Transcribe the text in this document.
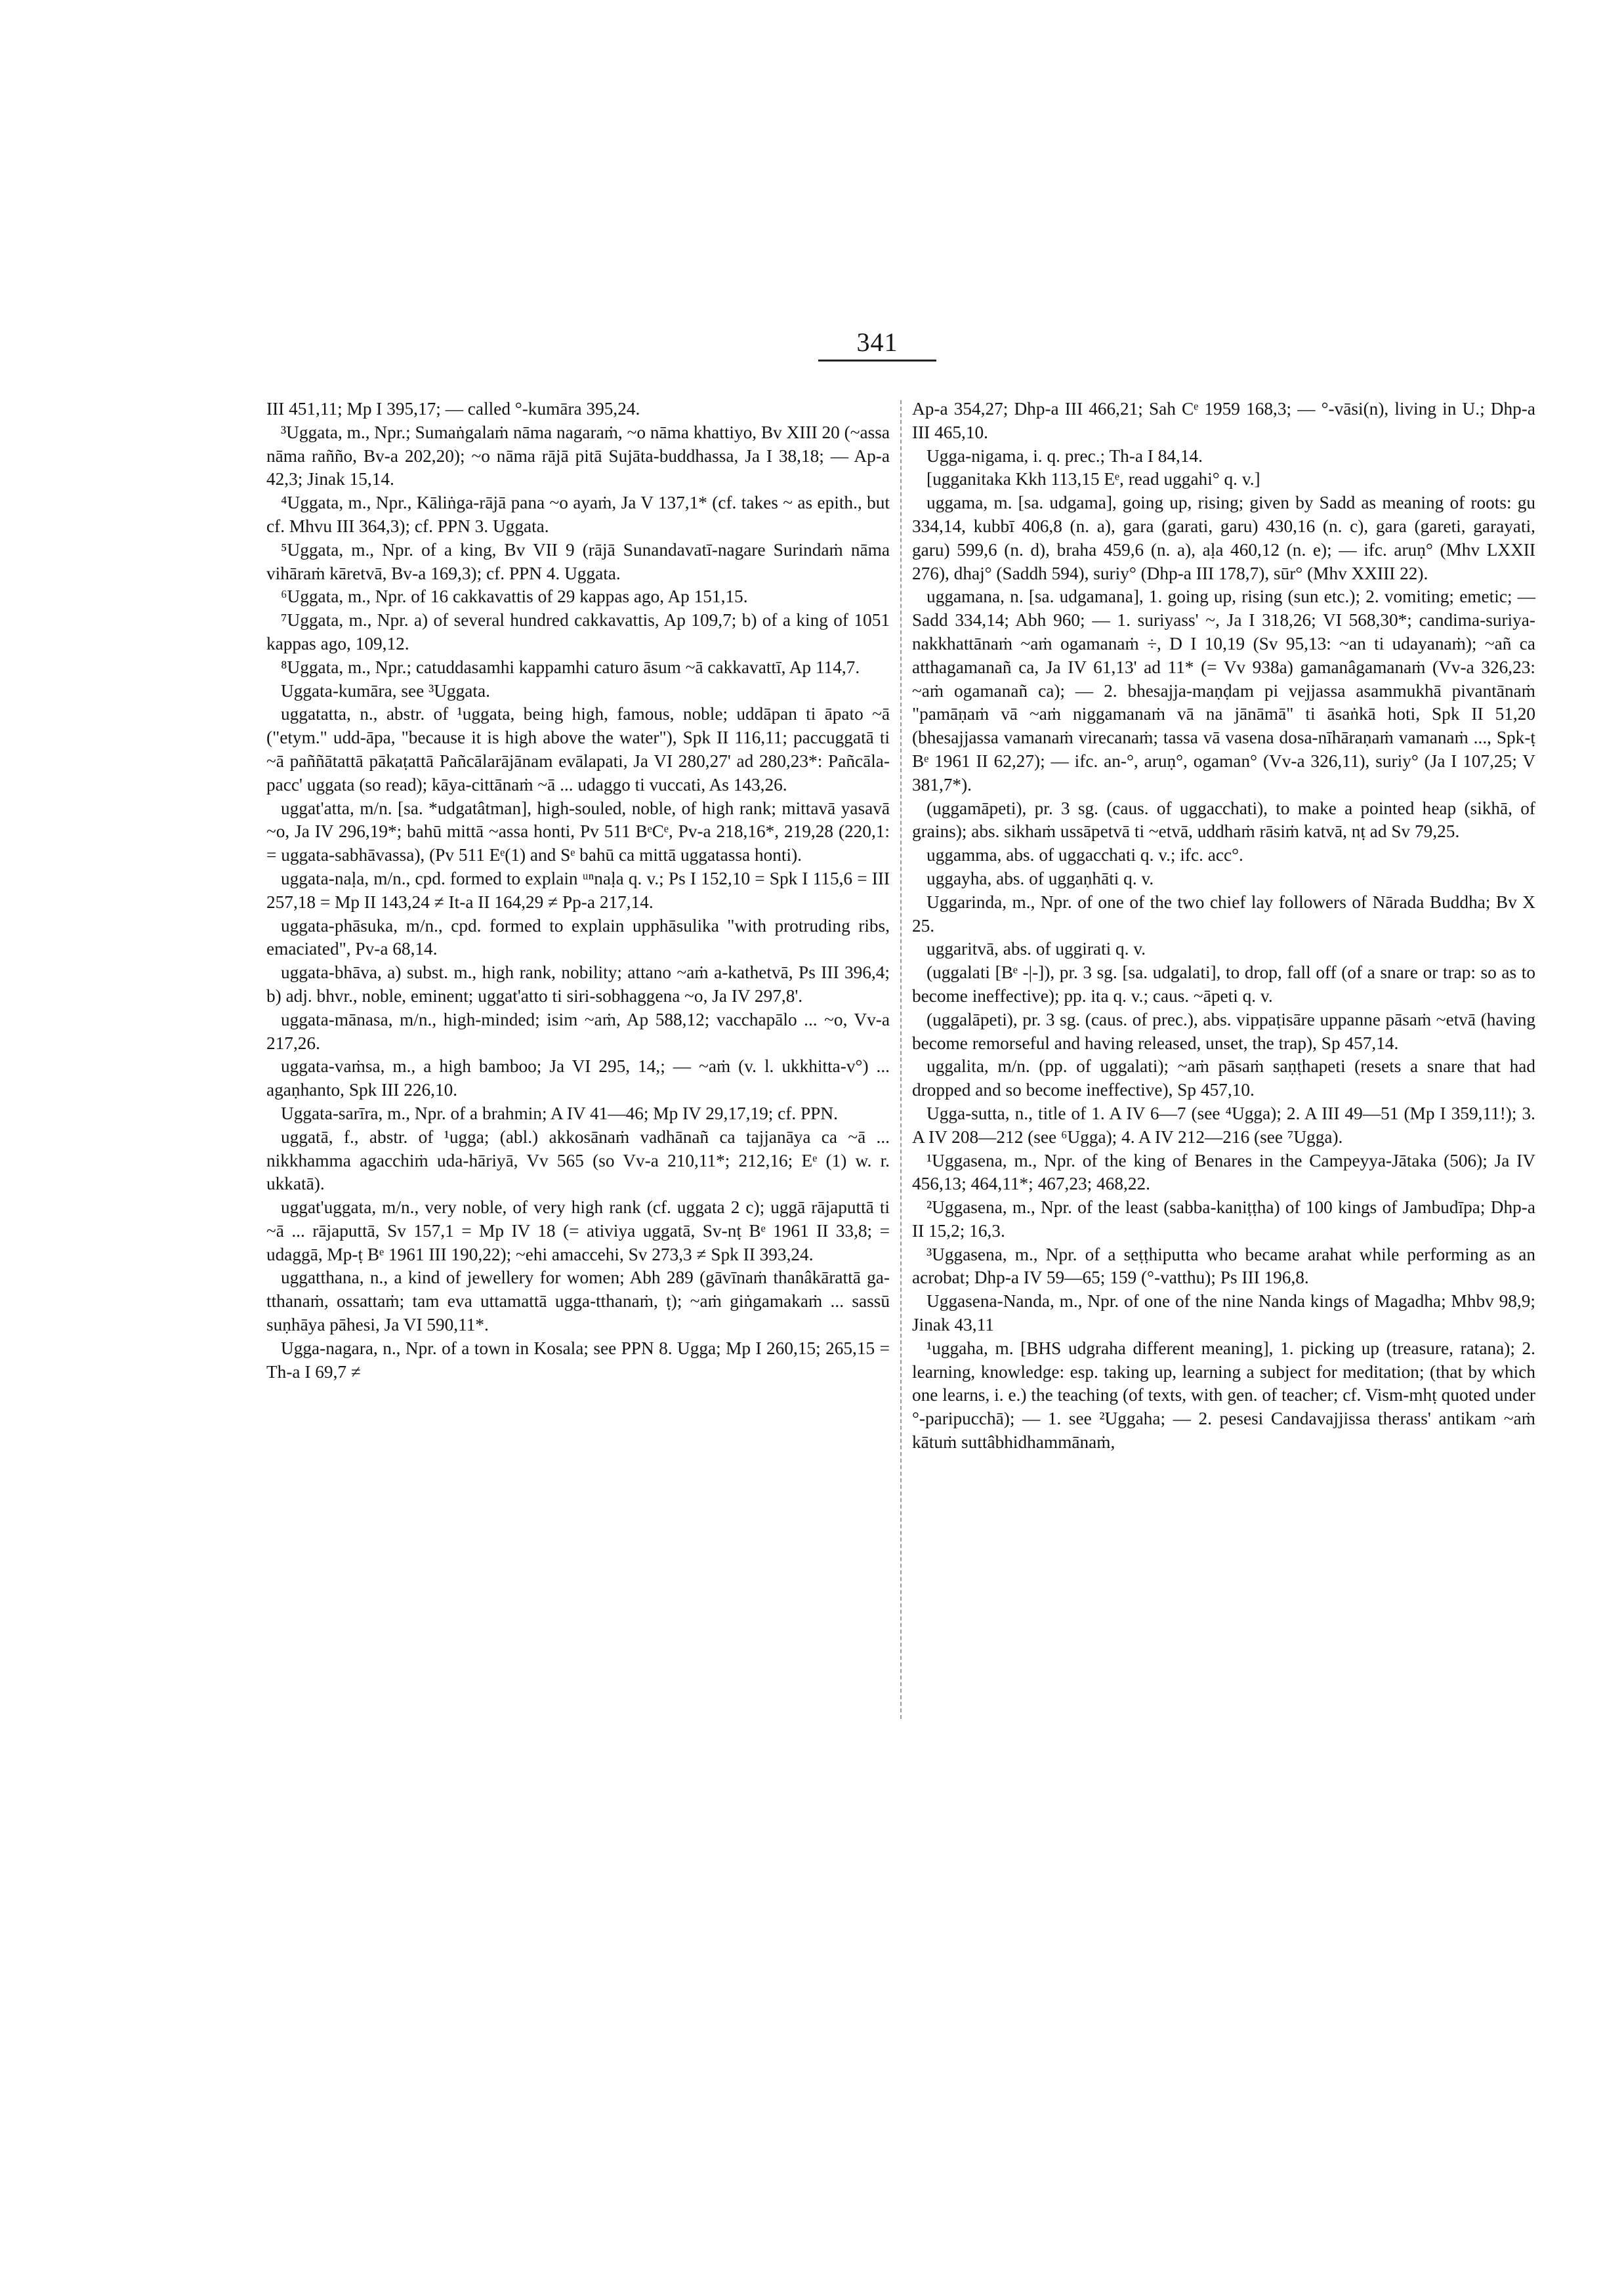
341

III 451,11; Mp I 395,17; — called °-kumāra 395,24.

³Uggata, m., Npr.; Sumaṅgalaṁ nāma nagaraṁ, ~o nāma khattiyo, Bv XIII 20 (~assa nāma rañño, Bv-a 202,20); ~o nāma rājā pitā Sujāta-buddhassa, Ja I 38,18; — Ap-a 42,3; Jinak 15,14.

⁴Uggata, m., Npr., Kāliṅga-rājā pana ~o ayaṁ, Ja V 137,1* (cf. takes ~ as epith., but cf. Mhvu III 364,3); cf. PPN 3. Uggata.

⁵Uggata, m., Npr. of a king, Bv VII 9 (rājā Sunandavatī-nagare Surindaṁ nāma vihāraṁ kāretvā, Bv-a 169,3); cf. PPN 4. Uggata.

⁶Uggata, m., Npr. of 16 cakkavattis of 29 kappas ago, Ap 151,15.

⁷Uggata, m., Npr. a) of several hundred cakkavattis, Ap 109,7; b) of a king of 1051 kappas ago, 109,12.

⁸Uggata, m., Npr.; catuddasamhi kappamhi caturo āsum ~ā cakkavattī, Ap 114,7.

Uggata-kumāra, see ³Uggata.

uggatatta, n., abstr. of ¹uggata, being high, famous, noble; uddāpan ti āpato ~ā ("etym." udd-āpa, "because it is high above the water"), Spk II 116,11; paccuggatā ti ~ā paññātattā pākaṭattā Pañcālarājānam evālapati, Ja VI 280,27' ad 280,23*: Pañcāla-pacc' uggata (so read); kāya-cittānaṁ ~ā ... udaggo ti vuccati, As 143,26.

uggat'atta, m/n. [sa. *udgatâtman], high-souled, noble, of high rank; mittavā yasavā ~o, Ja IV 296,19*; bahū mittā ~assa honti, Pv 511 BᵉCᵉ, Pv-a 218,16*, 219,28 (220,1: = uggata-sabhāvassa), (Pv 511 Eᵉ(1) and Sᵉ bahū ca mittā uggatassa honti).

uggata-naḷa, m/n., cpd. formed to explain ᵘⁿnaḷa q. v.; Ps I 152,10 = Spk I 115,6 = III 257,18 = Mp II 143,24 ≠ It-a II 164,29 ≠ Pp-a 217,14.

uggata-phāsuka, m/n., cpd. formed to explain upphāsulika "with protruding ribs, emaciated", Pv-a 68,14.

uggata-bhāva, a) subst. m., high rank, nobility; attano ~aṁ a-kathetvā, Ps III 396,4; b) adj. bhvr., noble, eminent; uggat'atto ti siri-sobhaggena ~o, Ja IV 297,8'.

uggata-mānasa, m/n., high-minded; isim ~aṁ, Ap 588,12; vacchapālo ... ~o, Vv-a 217,26.

uggata-vaṁsa, m., a high bamboo; Ja VI 295, 14,; — ~aṁ (v. l. ukkhitta-v°) ... agaṇhanto, Spk III 226,10.

Uggata-sarīra, m., Npr. of a brahmin; A IV 41—46; Mp IV 29,17,19; cf. PPN.

uggatā, f., abstr. of ¹ugga; (abl.) akkosānaṁ vadhānañ ca tajjanāya ca ~ā ... nikkhamma agacchiṁ uda-hāriyā, Vv 565 (so Vv-a 210,11*; 212,16; Eᵉ (1) w. r. ukkatā).

uggat'uggata, m/n., very noble, of very high rank (cf. uggata 2 c); uggā rājaputtā ti ~ā ... rājaputtā, Sv 157,1 = Mp IV 18 (= ativiya uggatā, Sv-nṭ Bᵉ 1961 II 33,8; = udaggā, Mp-ṭ Bᵉ 1961 III 190,22); ~ehi amaccehi, Sv 273,3 ≠ Spk II 393,24.

uggatthana, n., a kind of jewellery for women; Abh 289 (gāvīnaṁ thanâkārattā ga-tthanaṁ, ossattaṁ; tam eva uttamattā ugga-tthanaṁ, ṭ); ~aṁ giṅgamakaṁ ... sassū suṇhāya pāhesi, Ja VI 590,11*.

Ugga-nagara, n., Npr. of a town in Kosala; see PPN 8. Ugga; Mp I 260,15; 265,15 = Th-a I 69,7 ≠

Ap-a 354,27; Dhp-a III 466,21; Sah Cᵉ 1959 168,3; — °-vāsi(n), living in U.; Dhp-a III 465,10.

Ugga-nigama, i. q. prec.; Th-a I 84,14.

[ugganitaka Kkh 113,15 Eᵉ, read uggahi° q. v.]

uggama, m. [sa. udgama], going up, rising; given by Sadd as meaning of roots: gu 334,14, kubbī 406,8 (n. a), gara (garati, garu) 430,16 (n. c), gara (gareti, garayati, garu) 599,6 (n. d), braha 459,6 (n. a), aḷa 460,12 (n. e); — ifc. aruṇ° (Mhv LXXII 276), dhaj° (Saddh 594), suriy° (Dhp-a III 178,7), sūr° (Mhv XXIII 22).

uggamana, n. [sa. udgamana], 1. going up, rising (sun etc.); 2. vomiting; emetic; — Sadd 334,14; Abh 960; — 1. suriyass' ~, Ja I 318,26; VI 568,30*; candima-suriya-nakkhattānaṁ ~aṁ ogamanaṁ ÷, D I 10,19 (Sv 95,13: ~an ti udayanaṁ); ~añ ca atthagamanañ ca, Ja IV 61,13' ad 11* (= Vv 938a) gamanâgamanaṁ (Vv-a 326,23: ~aṁ ogamanañ ca); — 2. bhesajja-maṇḍam pi vejjassa asammukhā pivantānaṁ "pamāṇaṁ vā ~aṁ niggamanaṁ vā na jānāmā" ti āsaṅkā hoti, Spk II 51,20 (bhesajjassa vamanaṁ virecanaṁ; tassa vā vasena dosa-nīhāraṇaṁ vamanaṁ ..., Spk-ṭ Bᵉ 1961 II 62,27); — ifc. an-°, aruṇ°, ogaman° (Vv-a 326,11), suriy° (Ja I 107,25; V 381,7*).

(uggamāpeti), pr. 3 sg. (caus. of uggacchati), to make a pointed heap (sikhā, of grains); abs. sikhaṁ ussāpetvā ti ~etvā, uddhaṁ rāsiṁ katvā, nṭ ad Sv 79,25.

uggamma, abs. of uggacchati q. v.; ifc. acc°.

uggayha, abs. of uggaṇhāti q. v.

Uggarinda, m., Npr. of one of the two chief lay followers of Nārada Buddha; Bv X 25.

uggaritvā, abs. of uggirati q. v.

(uggalati [Bᵉ -|-]), pr. 3 sg. [sa. udgalati], to drop, fall off (of a snare or trap: so as to become ineffective); pp. ita q. v.; caus. ~āpeti q. v.

(uggalāpeti), pr. 3 sg. (caus. of prec.), abs. vippaṭisāre uppanne pāsaṁ ~etvā (having become remorseful and having released, unset, the trap), Sp 457,14.

uggalita, m/n. (pp. of uggalati); ~aṁ pāsaṁ saṇṭhapeti (resets a snare that had dropped and so become ineffective), Sp 457,10.

Ugga-sutta, n., title of 1. A IV 6—7 (see ⁴Ugga); 2. A III 49—51 (Mp I 359,11!); 3. A IV 208—212 (see ⁶Ugga); 4. A IV 212—216 (see ⁷Ugga).

¹Uggasena, m., Npr. of the king of Benares in the Campeyya-Jātaka (506); Ja IV 456,13; 464,11*; 467,23; 468,22.

²Uggasena, m., Npr. of the least (sabba-kaniṭṭha) of 100 kings of Jambudīpa; Dhp-a II 15,2; 16,3.

³Uggasena, m., Npr. of a seṭṭhiputta who became arahat while performing as an acrobat; Dhp-a IV 59—65; 159 (°-vatthu); Ps III 196,8.

Uggasena-Nanda, m., Npr. of one of the nine Nanda kings of Magadha; Mhbv 98,9; Jinak 43,11

¹uggaha, m. [BHS udgraha different meaning], 1. picking up (treasure, ratana); 2. learning, knowledge: esp. taking up, learning a subject for meditation; (that by which one learns, i. e.) the teaching (of texts, with gen. of teacher; cf. Vism-mhṭ quoted under °-paripucchā); — 1. see ²Uggaha; — 2. pesesi Candavajjissa therass' antikam ~aṁ kātuṁ suttâbhidhammānaṁ,
